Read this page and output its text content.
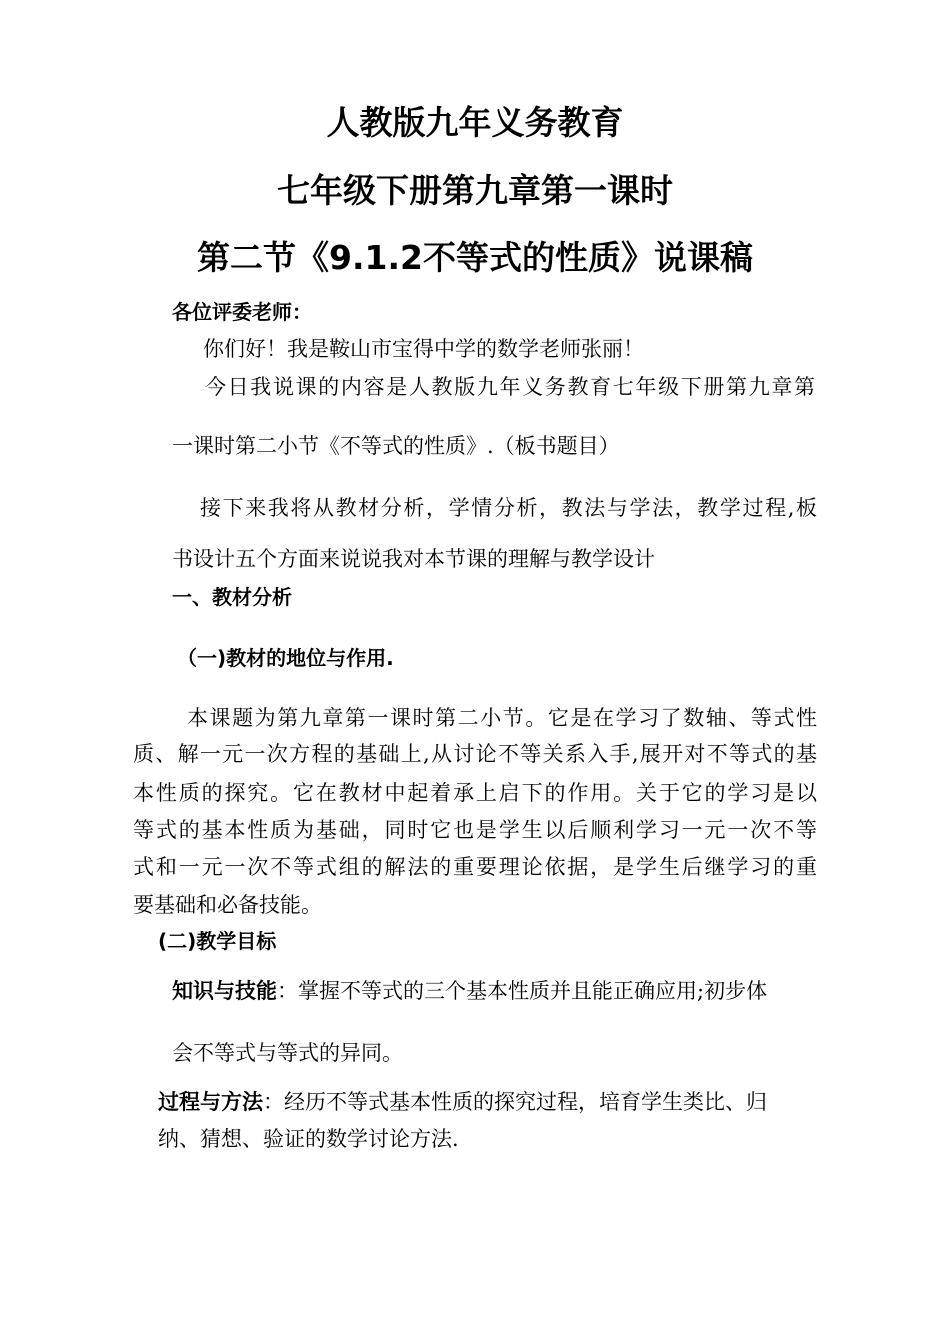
人教版九年义务教育
七年级下册第九章第一课时
第二节《9.1.2不等式的性质》说课稿
各位评委老师：
你们好！我是鞍山市宝得中学的数学老师张丽！
今日我说课的内容是人教版九年义务教育七年级下册第九章第
一课时第二小节《不等式的性质》.（板书题目）
接下来我将从教材分析，学情分析，教法与学法，教学过程,板
书设计五个方面来说说我对本节课的理解与教学设计
一、教材分析
（一)教材的地位与作用.
本课题为第九章第一课时第二小节。它是在学习了数轴、等式性
质、解一元一次方程的基础上,从讨论不等关系入手,展开对不等式的基
本性质的探究。它在教材中起着承上启下的作用。关于它的学习是以
等式的基本性质为基础，同时它也是学生以后顺利学习一元一次不等
式和一元一次不等式组的解法的重要理论依据，是学生后继学习的重
要基础和必备技能。
(二)教学目标
知识与技能：掌握不等式的三个基本性质并且能正确应用;初步体
会不等式与等式的异同。
过程与方法：经历不等式基本性质的探究过程，培育学生类比、归
纳、猜想、验证的数学讨论方法.
